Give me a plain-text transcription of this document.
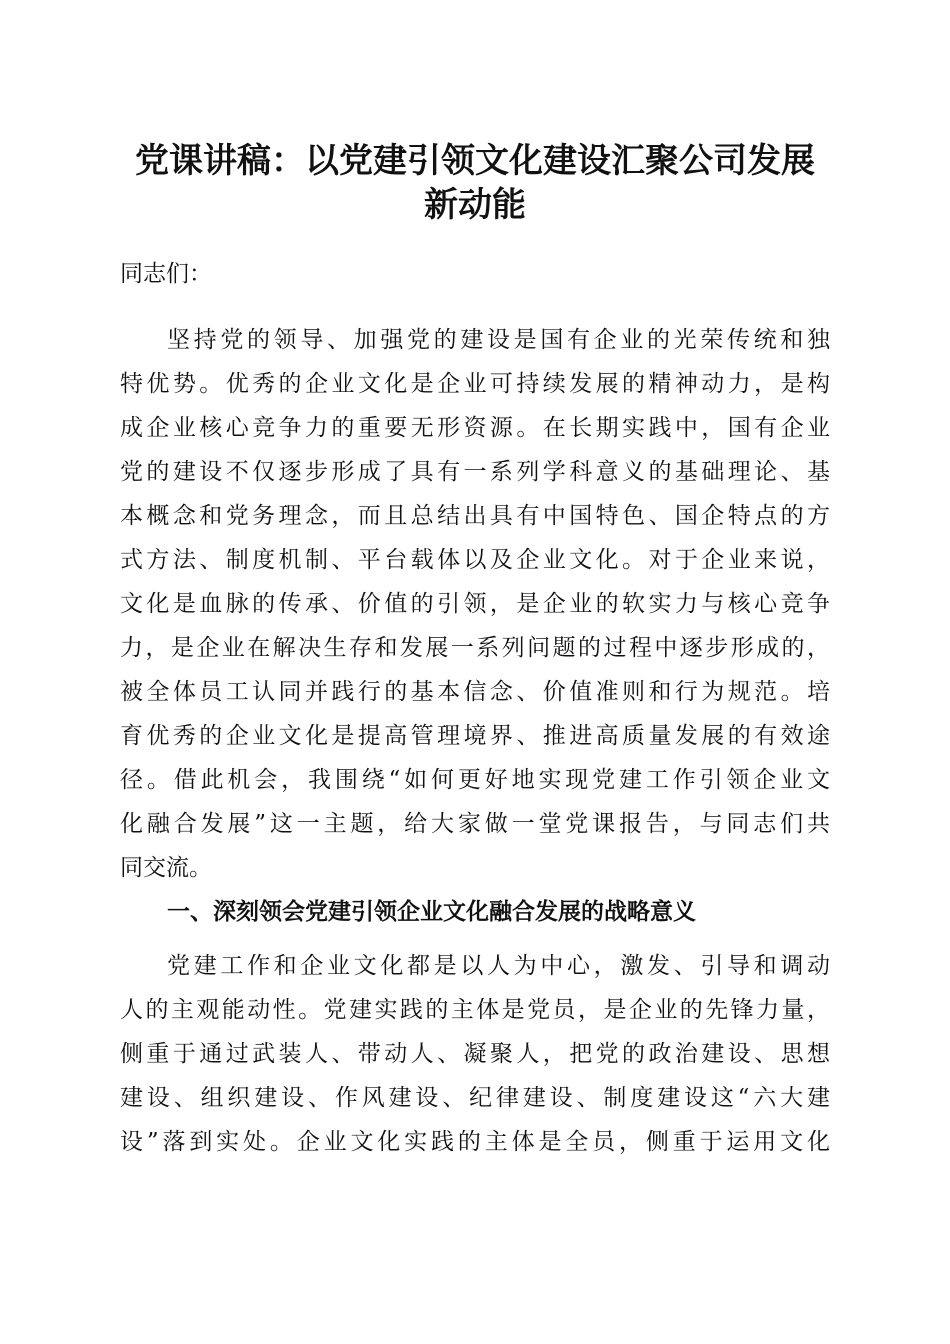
党课讲稿：以党建引领文化建设汇聚公司发展
新动能

同志们：

坚持党的领导、加强党的建设是国有企业的光荣传统和独

特优势。优秀的企业文化是企业可持续发展的精神动力，是构

成企业核心竞争力的重要无形资源。在长期实践中，国有企业

党的建设不仅逐步形成了具有一系列学科意义的基础理论、基

本概念和党务理念，而且总结出具有中国特色、国企特点的方

式方法、制度机制、平台载体以及企业文化。对于企业来说，

文化是血脉的传承、价值的引领，是企业的软实力与核心竞争

力，是企业在解决生存和发展一系列问题的过程中逐步形成的，

被全体员工认同并践行的基本信念、价值准则和行为规范。培

育优秀的企业文化是提高管理境界、推进高质量发展的有效途

径。借此机会，我围绕“如何更好地实现党建工作引领企业文

化融合发展”这一主题，给大家做一堂党课报告，与同志们共

同交流。

一、深刻领会党建引领企业文化融合发展的战略意义

党建工作和企业文化都是以人为中心，激发、引导和调动

人的主观能动性。党建实践的主体是党员，是企业的先锋力量，

侧重于通过武装人、带动人、凝聚人，把党的政治建设、思想

建设、组织建设、作风建设、纪律建设、制度建设这“六大建

设”落到实处。企业文化实践的主体是全员，侧重于运用文化
